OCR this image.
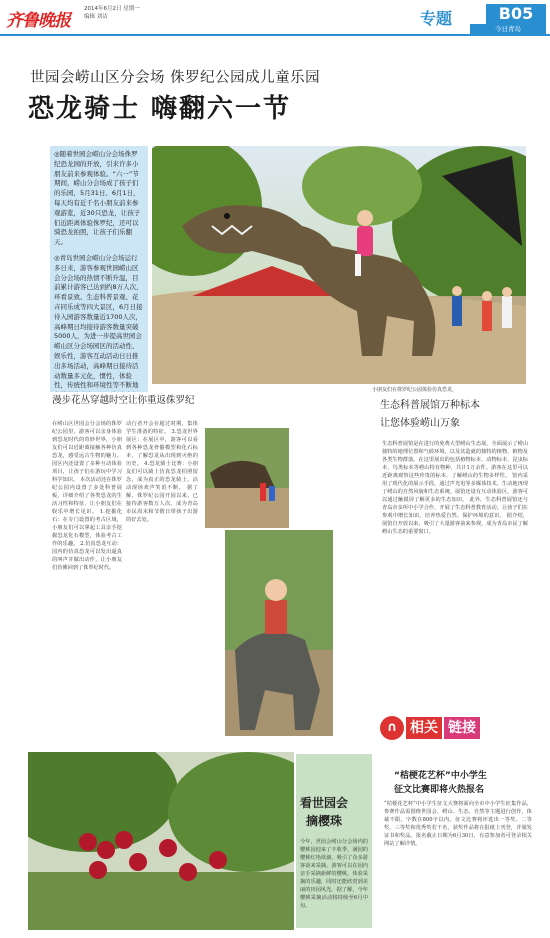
齐鲁晚报
2014年6月2日 星期一
编辑 刘洁	专题	B05
今日青岛
世园会崂山区分会场 侏罗纪公园成儿童乐园
恐龙骑士 嗨翻六一节

◎随着世园会崂山分会场侏罗纪恐龙园的开放，引来许多小朋友前来参观体验。“六一”节期间，崂山分会场成了孩子们的乐园，5月31日、6月1日，每天均有近千名小朋友前来参观游览，近30只恐龙，让孩子们近距离体验侏罗纪，还可以骑恐龙拍照，让孩子们乐翻天。

◎青岛世园会崂山分会场运行多日来，游客参观世园崂山区会分会场的热情不断升温，目前累计游客已达到约8万人次，环看景致、生态科普景观、花卉同乐成等四大景区，6月日接待入园游客数量近1700人次，高峰期日均接待游客数量突破5000人，为进一步提高世园会崂山区分会场园区的活动性、娱乐性，游客互动活动日日推出多场活动，高峰期日接待活动数量多元化，惯性，体验性，传统性和环境性等不断地

小朋友们在侏罗纪公园体验仿真恐龙。
漫步花丛穿越时空让你重返侏罗纪
在崂山区世园会分会场的侏罗纪公园里，游客可以亲身体验到恐龙时代的奇妙世界，小朋友们可以近距离接触各种仿真恐龙，感受远古生物的魅力。园区内还设置了多种互动体验项目，让孩子们在游玩中学习科学知识。 本次活动还在侏罗纪公园内设置了多处科普展板，详细介绍了各类恐龙的生活习性和特征，让小朋友们在娱乐中增长见识。 1.挖掘化石：在专门设置的考古区域，小朋友们可以拿起工具亲手挖掘恐龙化石模型，体验考古工作的乐趣。 2.仿真恐龙互动：园内的仿真恐龙可以发出逼真的叫声并做出动作，让小朋友们仿佛回到了侏罗纪时代。
动行者开会在超过时期，集体学生准备的特征。 3.恐龙世界展区：在展区中，游客可以看到各种恐龙骨骼模型和化石标本，了解恐龙从出现到灭绝的历史。 4.恐龙骑士比赛：小朋友们可以骑上仿真恐龙拍照留念，成为真正的恐龙骑士，活动现场欢声笑语不断。 据了解，侏罗纪公园开园以来，已接待游客数万人次，成为青岛市民周末和节假日带孩子出游的好去处。
生态科普展馆万种标本
让您体验崂山万象
生态科普展馆是在进行的免费大型崂山生态展，全面展示了崂山独特的地理位置和气候环境，以及其造就的独特的植物、植物及各类生物群落。在这里展出的包括植物标本、动物标本、昆虫标本、鸟类标本等崂山特有物种，共计1万余件。游客在这里可以近距离观察这些珍贵的标本，了解崂山的生物多样性。 馆内采用了现代化的展示手段，通过声光电等多媒体技术，生动地再现了崂山的自然风貌和生态系统。展馆还设有互动体验区，游客可以通过触摸屏了解更多的生态知识。 此外，生态科普展馆还与青岛市多所中小学合作，开展了生态科普教育活动，让孩子们在参观中增长知识，培养热爱自然、保护环境的意识。 据介绍，展馆自开放以来，吸引了大量游客前来参观，成为青岛市民了解崂山生态的重要窗口。
∩ 相关 链接
“桔梗花艺杯”中小学生
征文比赛即将火热报名
“桔梗花艺杯”中小学生征文大赛将面向全市中小学生征集作品，参赛作品需围绕世园会、崂山、生态、自然等主题进行创作，体裁不限，字数在800字以内。征文比赛将评选出一等奖、二等奖、三等奖和优秀奖若干名，获奖作品将在报纸上刊登，并颁发证书和奖品。报名截止日期为6月30日，有意参加者可登录相关网站了解详情。
看世园会
摘樱珠
今年，世园会崂山分会场内的樱桃园迎来了丰收季，满园的樱桃红艳欲滴，吸引了众多游客前来采摘。游客可以在园内亲手采摘新鲜的樱桃，体验采摘的乐趣，同时还能欣赏到美丽的田园风光。据了解，今年樱桃采摘活动将持续至6月中旬。
